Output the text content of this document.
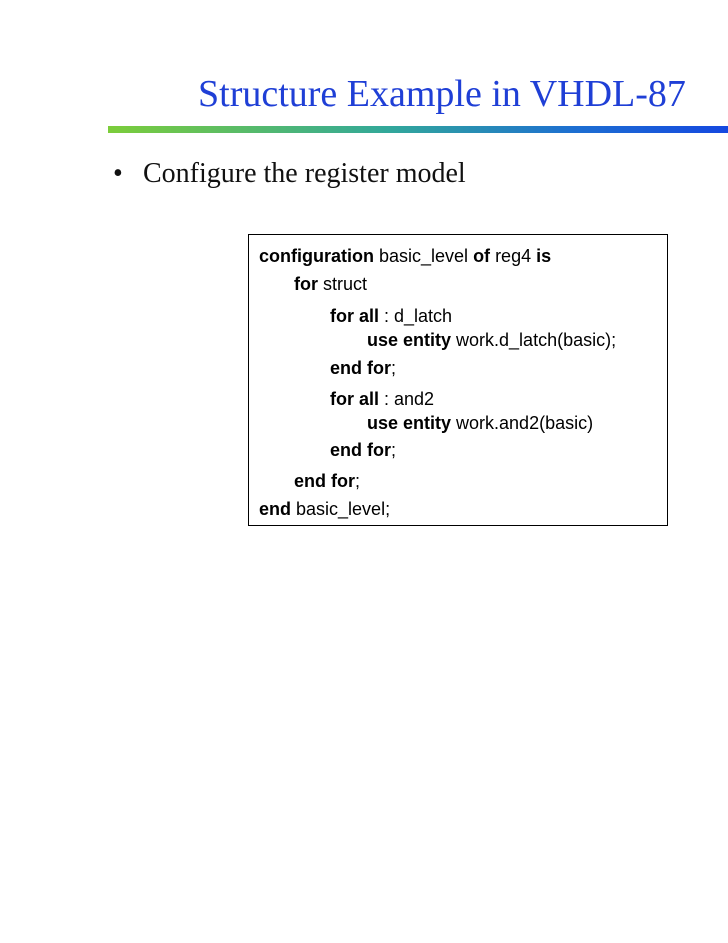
Structure Example in VHDL-87
• Configure the register model
configuration basic_level of reg4 is
for struct
for all : d_latch
use entity work.d_latch(basic);
end for;
for all : and2
use entity work.and2(basic)
end for;
end for;
end basic_level;
